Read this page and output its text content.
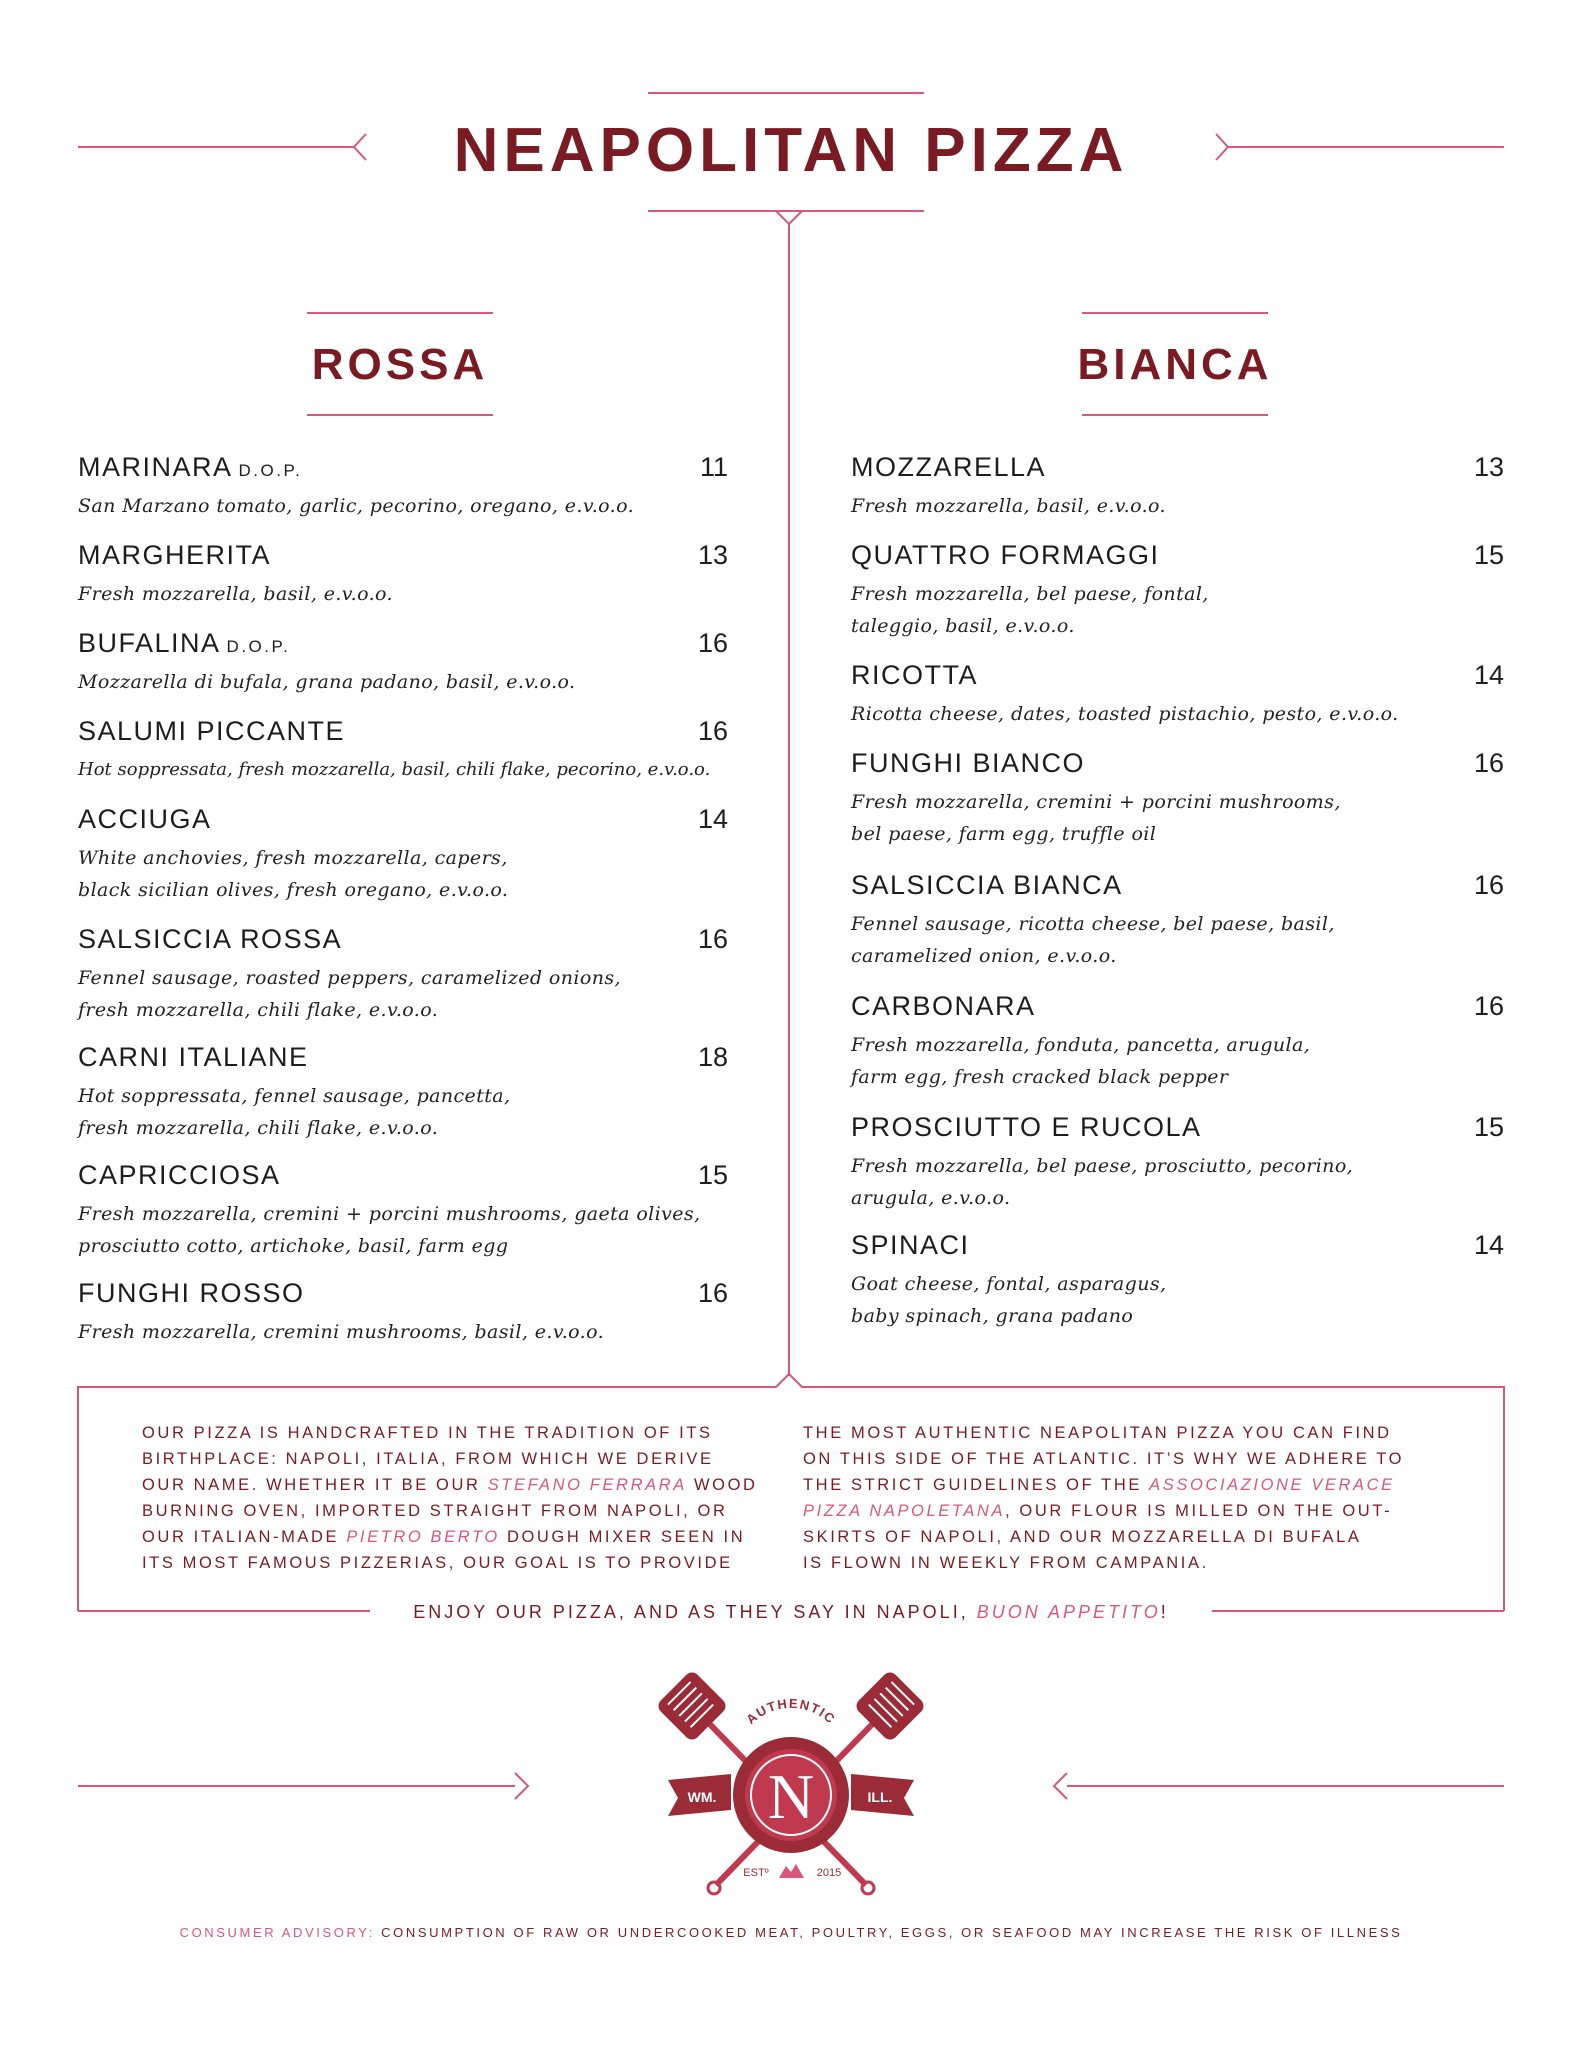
NEAPOLITAN PIZZA
ROSSA	BIANCA
MARINARA D.O.P.	11
San Marzano tomato, garlic, pecorino, oregano, e.v.o.o.
MARGHERITA	13
Fresh mozzarella, basil, e.v.o.o.
BUFALINA D.O.P.	16
Mozzarella di bufala, grana padano, basil, e.v.o.o.
SALUMI PICCANTE	16
Hot soppressata, fresh mozzarella, basil, chili flake, pecorino, e.v.o.o.
ACCIUGA	14
White anchovies, fresh mozzarella, capers,
black sicilian olives, fresh oregano, e.v.o.o.
SALSICCIA ROSSA	16
Fennel sausage, roasted peppers, caramelized onions,
fresh mozzarella, chili flake, e.v.o.o.
CARNI ITALIANE	18
Hot soppressata, fennel sausage, pancetta,
fresh mozzarella, chili flake, e.v.o.o.
CAPRICCIOSA	15
Fresh mozzarella, cremini + porcini mushrooms, gaeta olives,
prosciutto cotto, artichoke, basil, farm egg
FUNGHI ROSSO	16
Fresh mozzarella, cremini mushrooms, basil, e.v.o.o.
MOZZARELLA	13
Fresh mozzarella, basil, e.v.o.o.
QUATTRO FORMAGGI	15
Fresh mozzarella, bel paese, fontal,
taleggio, basil, e.v.o.o.
RICOTTA	14
Ricotta cheese, dates, toasted pistachio, pesto, e.v.o.o.
FUNGHI BIANCO	16
Fresh mozzarella, cremini + porcini mushrooms,
bel paese, farm egg, truffle oil
SALSICCIA BIANCA	16
Fennel sausage, ricotta cheese, bel paese, basil,
caramelized onion, e.v.o.o.
CARBONARA	16
Fresh mozzarella, fonduta, pancetta, arugula,
farm egg, fresh cracked black pepper
PROSCIUTTO E RUCOLA	15
Fresh mozzarella, bel paese, prosciutto, pecorino,
arugula, e.v.o.o.
SPINACI	14
Goat cheese, fontal, asparagus,
baby spinach, grana padano
OUR PIZZA IS HANDCRAFTED IN THE TRADITION OF ITS
BIRTHPLACE: NAPOLI, ITALIA, FROM WHICH WE DERIVE
OUR NAME. WHETHER IT BE OUR STEFANO FERRARA WOOD
BURNING OVEN, IMPORTED STRAIGHT FROM NAPOLI, OR
OUR ITALIAN-MADE PIETRO BERTO DOUGH MIXER SEEN IN
ITS MOST FAMOUS PIZZERIAS, OUR GOAL IS TO PROVIDE
THE MOST AUTHENTIC NEAPOLITAN PIZZA YOU CAN FIND
ON THIS SIDE OF THE ATLANTIC. IT’S WHY WE ADHERE TO
THE STRICT GUIDELINES OF THE ASSOCIAZIONE VERACE
PIZZA NAPOLETANA, OUR FLOUR IS MILLED ON THE OUT-
SKIRTS OF NAPOLI, AND OUR MOZZARELLA DI BUFALA
IS FLOWN IN WEEKLY FROM CAMPANIA.
ENJOY OUR PIZZA, AND AS THEY SAY IN NAPOLI, BUON APPETITO!
AUTHENTIC
WM.	ILL.
N
ESTº	2015
CONSUMER ADVISORY: CONSUMPTION OF RAW OR UNDERCOOKED MEAT, POULTRY, EGGS, OR SEAFOOD MAY INCREASE THE RISK OF ILLNESS
